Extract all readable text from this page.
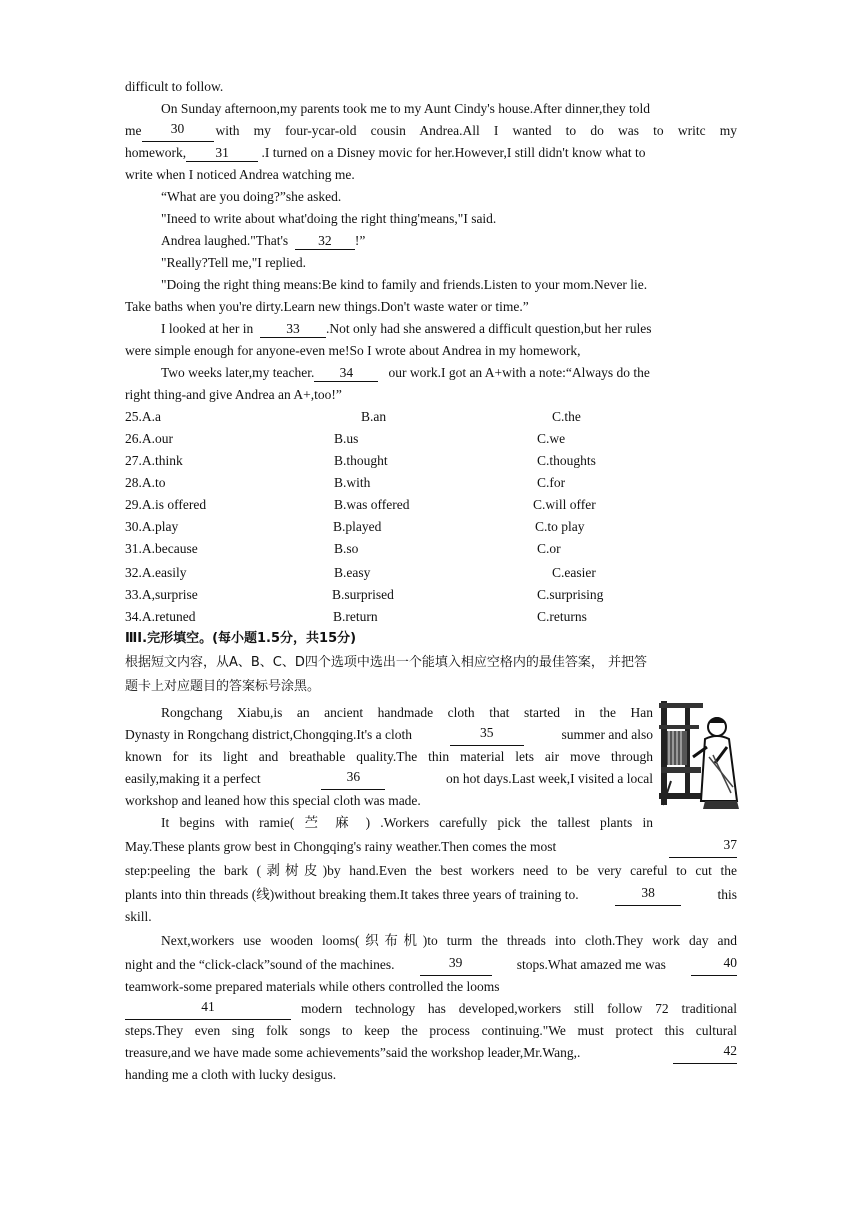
difficult to follow.
On Sunday afternoon,my parents took me to my Aunt Cindy's house.After dinner,they told
me	30	with my four-ycar-old cousin Andrea.All I wanted to do was to writc my
homework, 31 .I turned on a Disney movic for her.However,I still didn't know what to
write when I noticed Andrea watching me.
“What are you doing?”she asked.
"Ineed to write about what'doing the right thing'means,"I said.
Andrea laughed."That's 32 !”
"Really?Tell me,"I replied.
"Doing the right thing means:Be kind to family and friends.Listen to your mom.Never lie.
Take baths when you're dirty.Learn new things.Don't waste water or time.”
I looked at her in 33 .Not only had she answered a difficult question,but her rules
were simple enough for anyone-even me!So I wrote about Andrea in my homework,
Two weeks later,my teacher. 34	our work.I got an A+with a note:“Always do the
right thing-and give Andrea an A+,too!”
25.A.a	B.an	C.the
26.A.our	B.us	C.we
27.A.think	B.thought	C.thoughts
28.A.to	B.with	C.for
29.A.is offered	B.was offered	C.will offer
30.A.play	B.played	C.to play
31.A.because	B.so	C.or
32.A.easily	B.easy	C.easier
33.A,surprise	B.surprised	C.surprising
34.A.retuned	B.return	C.returns
ⅢI.完形填空。(每小题1.5分，共15分)
根据短文内容，从A、B、C、D四个选项中选出一个能填入相应空格内的最佳答案， 并把答
题卡上对应题目的答案标号涂黑。
Rongchang Xiabu,is an ancient handmade cloth that started in the Han
Dynasty in Rongchang district,Chongqing.It's a cloth	35	summer and also
known for its light and breathable quality.The thin material lets air move through
easily,making it a perfect	36	on hot days.Last week,I visited a local
workshop and leaned how this special cloth was made.
It begins with ramie( 苎 麻 ) .Workers carefully pick the tallest plants in
May.These plants grow best in Chongqing's rainy weather.Then comes the most	37
step:peeling the bark (剥树皮)by hand.Even the best workers need to be very careful to cut the
plants into thin threads (线)without breaking them.It takes three years of training to.	38	this
skill.
Next,workers use wooden looms(织布机)to turm the threads into cloth.They work day and
night and the “click-clack”sound of the machines.	39	stops.What amazed me was	40
teamwork-some prepared materials while others controlled the looms
41	modern technology has developed,workers still follow 72 traditional
steps.They even sing folk songs to keep the process continuing."We must protect this cultural
treasure,and we have made some achievements”said the workshop leader,Mr.Wang,.	42
handing me a cloth with lucky desigus.
